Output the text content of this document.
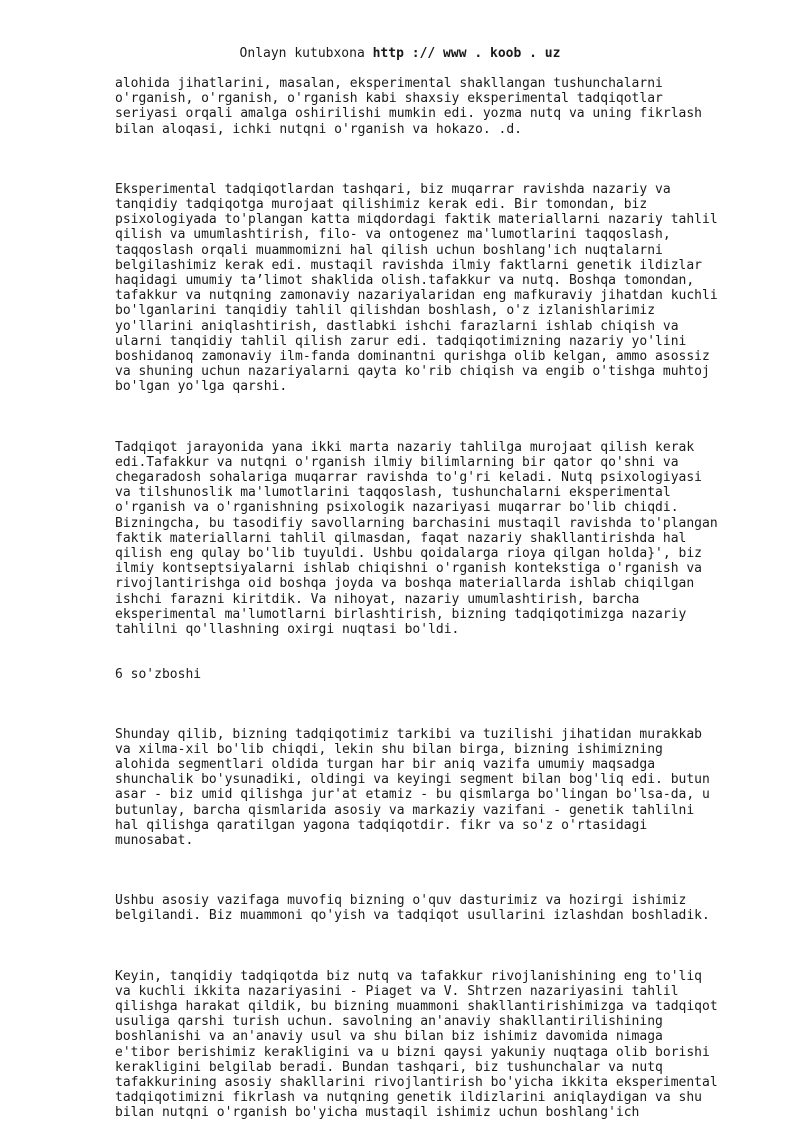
Onlayn kutubxona http :// www . koob . uz

alohida jihatlarini, masalan, eksperimental shakllangan tushunchalarni
o'rganish, o'rganish, o'rganish kabi shaxsiy eksperimental tadqiqotlar
seriyasi orqali amalga oshirilishi mumkin edi. yozma nutq va uning fikrlash
bilan aloqasi, ichki nutqni o'rganish va hokazo. .d.

Eksperimental tadqiqotlardan tashqari, biz muqarrar ravishda nazariy va
tanqidiy tadqiqotga murojaat qilishimiz kerak edi. Bir tomondan, biz
psixologiyada to'plangan katta miqdordagi faktik materiallarni nazariy tahlil
qilish va umumlashtirish, filo- va ontogenez ma'lumotlarini taqqoslash,
taqqoslash orqali muammomizni hal qilish uchun boshlang'ich nuqtalarni
belgilashimiz kerak edi. mustaqil ravishda ilmiy faktlarni genetik ildizlar
haqidagi umumiy ta’limot shaklida olish.tafakkur va nutq. Boshqa tomondan,
tafakkur va nutqning zamonaviy nazariyalaridan eng mafkuraviy jihatdan kuchli
bo'lganlarini tanqidiy tahlil qilishdan boshlash, o'z izlanishlarimiz
yo'llarini aniqlashtirish, dastlabki ishchi farazlarni ishlab chiqish va
ularni tanqidiy tahlil qilish zarur edi. tadqiqotimizning nazariy yo'lini
boshidanoq zamonaviy ilm-fanda dominantni qurishga olib kelgan, ammo asossiz
va shuning uchun nazariyalarni qayta ko'rib chiqish va engib o'tishga muhtoj
bo'lgan yo'lga qarshi.

Tadqiqot jarayonida yana ikki marta nazariy tahlilga murojaat qilish kerak
edi.Tafakkur va nutqni o'rganish ilmiy bilimlarning bir qator qo'shni va
chegaradosh sohalariga muqarrar ravishda to'g'ri keladi. Nutq psixologiyasi
va tilshunoslik ma'lumotlarini taqqoslash, tushunchalarni eksperimental
o'rganish va o'rganishning psixologik nazariyasi muqarrar bo'lib chiqdi.
Bizningcha, bu tasodifiy savollarning barchasini mustaqil ravishda to'plangan
faktik materiallarni tahlil qilmasdan, faqat nazariy shakllantirishda hal
qilish eng qulay bo'lib tuyuldi. Ushbu qoidalarga rioya qilgan holda}', biz
ilmiy kontseptsiyalarni ishlab chiqishni o'rganish kontekstiga o'rganish va
rivojlantirishga oid boshqa joyda va boshqa materiallarda ishlab chiqilgan
ishchi farazni kiritdik. Va nihoyat, nazariy umumlashtirish, barcha
eksperimental ma'lumotlarni birlashtirish, bizning tadqiqotimizga nazariy
tahlilni qo'llashning oxirgi nuqtasi bo'ldi.

6 so'zboshi

Shunday qilib, bizning tadqiqotimiz tarkibi va tuzilishi jihatidan murakkab
va xilma-xil bo'lib chiqdi, lekin shu bilan birga, bizning ishimizning
alohida segmentlari oldida turgan har bir aniq vazifa umumiy maqsadga
shunchalik bo'ysunadiki, oldingi va keyingi segment bilan bog'liq edi. butun
asar - biz umid qilishga jur'at etamiz - bu qismlarga bo'lingan bo'lsa-da, u
butunlay, barcha qismlarida asosiy va markaziy vazifani - genetik tahlilni
hal qilishga qaratilgan yagona tadqiqotdir. fikr va so'z o'rtasidagi
munosabat.

Ushbu asosiy vazifaga muvofiq bizning o'quv dasturimiz va hozirgi ishimiz
belgilandi. Biz muammoni qo'yish va tadqiqot usullarini izlashdan boshladik.

Keyin, tanqidiy tadqiqotda biz nutq va tafakkur rivojlanishining eng to'liq
va kuchli ikkita nazariyasini - Piaget va V. Shtrzen nazariyasini tahlil
qilishga harakat qildik, bu bizning muammoni shakllantirishimizga va tadqiqot
usuliga qarshi turish uchun. savolning an'anaviy shakllantirilishining
boshlanishi va an'anaviy usul va shu bilan biz ishimiz davomida nimaga
e'tibor berishimiz kerakligini va u bizni qaysi yakuniy nuqtaga olib borishi
kerakligini belgilab beradi. Bundan tashqari, biz tushunchalar va nutq
tafakkurining asosiy shakllarini rivojlantirish bo'yicha ikkita eksperimental
tadqiqotimizni fikrlash va nutqning genetik ildizlarini aniqlaydigan va shu
bilan nutqni o'rganish bo'yicha mustaqil ishimiz uchun boshlang'ich
